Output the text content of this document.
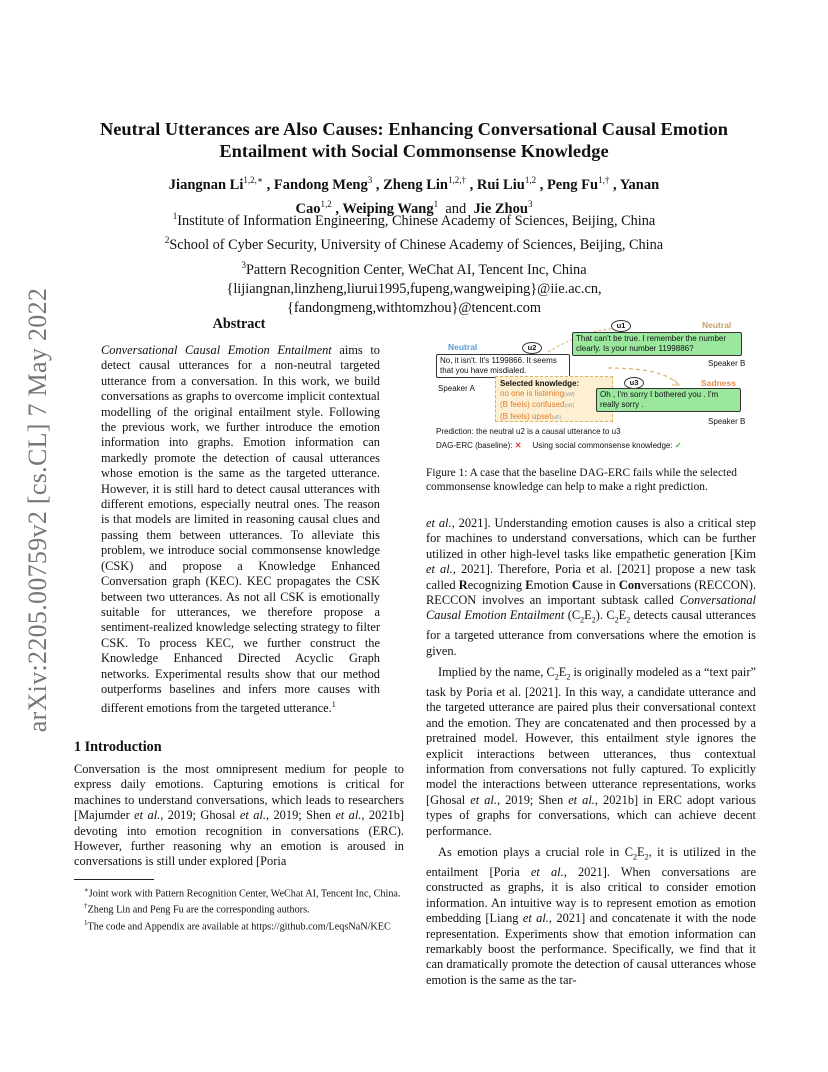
arXiv:2205.00759v2 [cs.CL] 7 May 2022
Neutral Utterances are Also Causes: Enhancing Conversational Causal Emotion
Entailment with Social Commonsense Knowledge
Jiangnan $Li^{1,2,∗}$ , Fandong Meng$^3$ , Zheng Lin$^{1,2,\dagger}$ , Rui Liu$^{1,2}$ , Peng $Fu^{1,\dagger}$ , Yanan
Cao$^{1,2}$ , Weiping Wang$^1$ and Jie Zhou$^3$
$^1$Institute of Information Engineering, Chinese Academy of Sciences, Beijing, China
$^2$School of Cyber Security, University of Chinese Academy of Sciences, Beijing, China
$^3$Pattern Recognition Center, WeChat AI, Tencent Inc, China
{lijiangnan,linzheng,liurui1995,fupeng,wangweiping}@iie.ac.cn,
{fandongmeng,withtomzhou}@tencent.com
Abstract
Conversational Causal Emotion Entailment aims to detect causal utterances for a non-neutral targeted utterance from a conversation. In this work, we build conversations as graphs to overcome implicit contextual modelling of the original entailment style. Following the previous work, we further introduce the emotion information into graphs. Emotion information can markedly promote the detection of causal utterances whose emotion is the same as the targeted utterance. However, it is still hard to detect causal utterances with different emotions, especially neutral ones. The reason is that models are limited in reasoning causal clues and passing them between utterances. To alleviate this problem, we introduce social commonsense knowledge (CSK) and propose a Knowledge Enhanced Conversation graph (KEC). KEC propagates the CSK between two utterances. As not all CSK is emotionally suitable for utterances, we therefore propose a sentiment-realized knowledge selecting strategy to filter CSK. To process KEC, we further construct the Knowledge Enhanced Directed Acyclic Graph networks. Experimental results show that our method outperforms baselines and infers more causes with different emotions from the targeted utterance.$^1$
1 Introduction
Conversation is the most omnipresent medium for people to express daily emotions. Capturing emotions is critical for machines to understand conversations, which leads to researchers [Majumder et al., 2019; Ghosal et al., 2019; Shen et al., 2021b] devoting into emotion recognition in conversations (ERC). However, further reasoning why an emotion is aroused in conversations is still under explored [Poria

∗Joint work with Pattern Recognition Center, WeChat AI, Tencent Inc, China.

†Zheng Lin and Peng Fu are the corresponding authors.

$^1$The code and Appendix are available at https://github.com/LeqsNaN/KEC

u1	Neutral
That can't be true. I remember the number clearly. Is your number 1199886?
Speaker B
Neutral	u2
No, it isn't. It's 1199866. It seems that you have misdialed.
Speaker A
Selected knowledge:
no one is listening(xW)
(B feels) confused(oR)
(B feels) upset(oR)
u3	Sadness
Oh , I'm sorry I bothered you . I'm really sorry .
Speaker B
Prediction: the neutral u2 is a causal utterance to u3
DAG-ERC (baseline): ✕ Using social commonsense knowledge: ✓
Figure 1: A case that the baseline DAG-ERC fails while the selected commonsense knowledge can help to make a right prediction.

et al., 2021]. Understanding emotion causes is also a critical step for machines to understand conversations, which can be further utilized in other high-level tasks like empathetic generation [Kim et al., 2021]. Therefore, Poria et al. [2021] propose a new task called Recognizing Emotion Cause in Conversations (RECCON). RECCON involves an important subtask called Conversational Causal Emotion Entailment $(C_2E_2)$. $C_2E_2$ detects causal utterances for a targeted utterance from conversations where the emotion is given.

Implied by the name, $C_2E_2$ is originally modeled as a “text pair” task by Poria et al. [2021]. In this way, a candidate utterance and the targeted utterance are paired plus their conversational context and the emotion. They are concatenated and then processed by a pretrained model. However, this entailment style ignores the explicit interactions between utterances, thus contextual information from conversations not fully captured. To explicitly model the interactions between utterance representations, works [Ghosal et al., 2019; Shen et al., 2021b] in ERC adopt various types of graphs for conversations, which can achieve decent performance.

As emotion plays a crucial role in $C_2E_2$, it is utilized in the entailment [Poria et al., 2021]. When conversations are constructed as graphs, it is also critical to consider emotion information. An intuitive way is to represent emotion as emotion embedding [Liang et al., 2021] and concatenate it with the node representation. Experiments show that emotion information can remarkably boost the performance. Specifically, we find that it can dramatically promote the detection of causal utterances whose emotion is the same as the tar-
